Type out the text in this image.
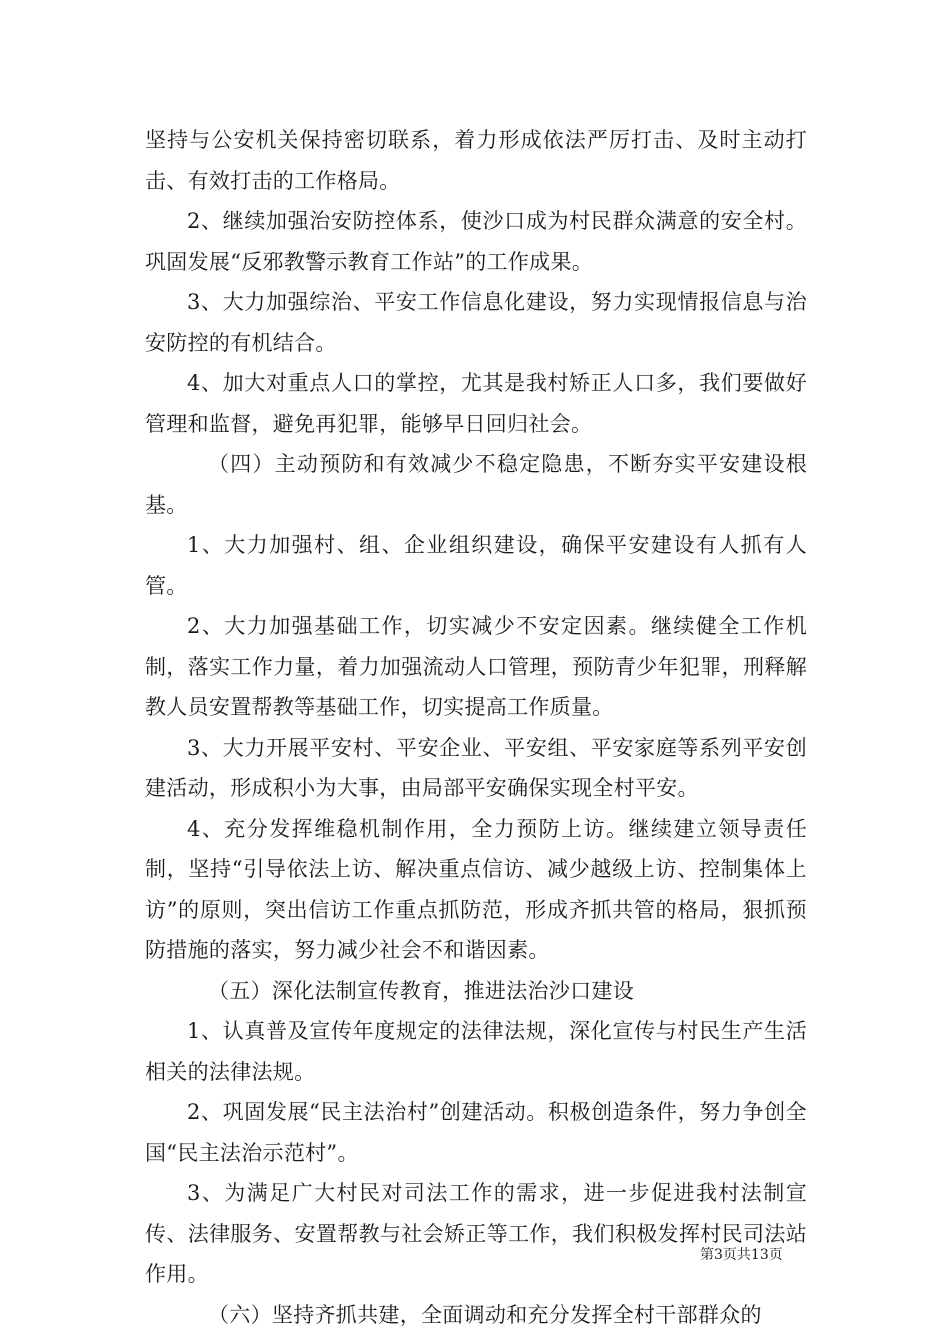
坚持与公安机关保持密切联系，着力形成依法严厉打击、及时主动打击、有效打击的工作格局。

2、继续加强治安防控体系，使沙口成为村民群众满意的安全村。巩固发展“反邪教警示教育工作站”的工作成果。

3、大力加强综治、平安工作信息化建设，努力实现情报信息与治安防控的有机结合。

4、加大对重点人口的掌控，尤其是我村矫正人口多，我们要做好管理和监督，避免再犯罪，能够早日回归社会。

（四）主动预防和有效减少不稳定隐患，不断夯实平安建设根基。

1、大力加强村、组、企业组织建设，确保平安建设有人抓有人管。

2、大力加强基础工作，切实减少不安定因素。继续健全工作机制，落实工作力量，着力加强流动人口管理，预防青少年犯罪，刑释解教人员安置帮教等基础工作，切实提高工作质量。

3、大力开展平安村、平安企业、平安组、平安家庭等系列平安创建活动，形成积小为大事，由局部平安确保实现全村平安。

4、充分发挥维稳机制作用，全力预防上访。继续建立领导责任制，坚持“引导依法上访、解决重点信访、减少越级上访、控制集体上访”的原则，突出信访工作重点抓防范，形成齐抓共管的格局，狠抓预防措施的落实，努力减少社会不和谐因素。

（五）深化法制宣传教育，推进法治沙口建设

1、认真普及宣传年度规定的法律法规，深化宣传与村民生产生活相关的法律法规。

2、巩固发展“民主法治村”创建活动。积极创造条件，努力争创全国“民主法治示范村”。

3、为满足广大村民对司法工作的需求，进一步促进我村法制宣传、法律服务、安置帮教与社会矫正等工作，我们积极发挥村民司法站作用。

（六）坚持齐抓共建，全面调动和充分发挥全村干部群众的

第3页共13页
